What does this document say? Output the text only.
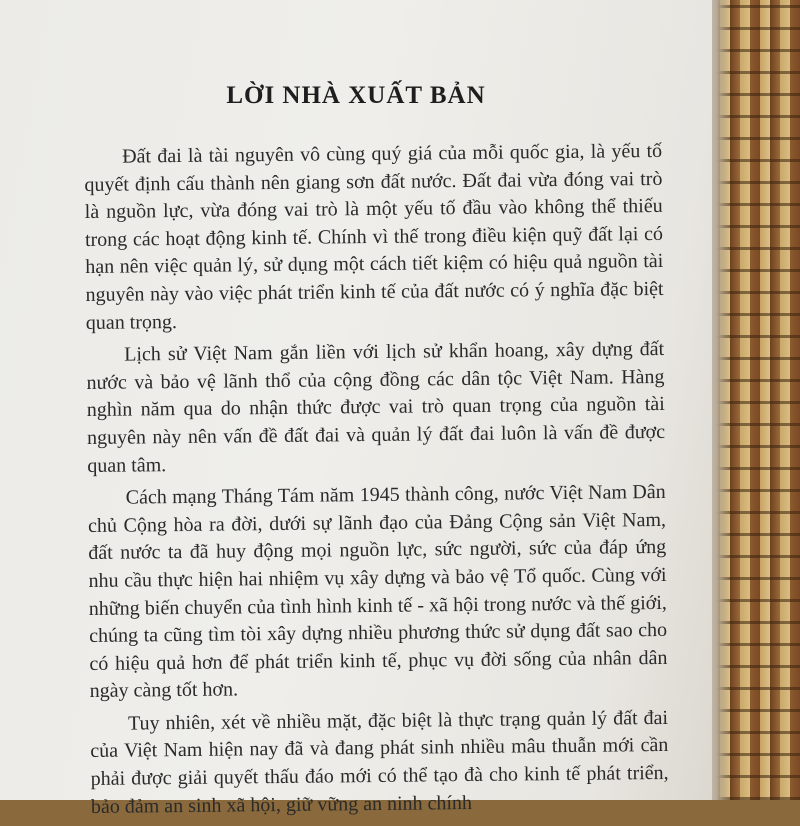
LỜI NHÀ XUẤT BẢN

Đất đai là tài nguyên vô cùng quý giá của mỗi quốc gia, là yếu tố quyết định cấu thành nên giang sơn đất nước. Đất đai vừa đóng vai trò là nguồn lực, vừa đóng vai trò là một yếu tố đầu vào không thể thiếu trong các hoạt động kinh tế. Chính vì thế trong điều kiện quỹ đất lại có hạn nên việc quản lý, sử dụng một cách tiết kiệm có hiệu quả nguồn tài nguyên này vào việc phát triển kinh tế của đất nước có ý nghĩa đặc biệt quan trọng.

Lịch sử Việt Nam gắn liền với lịch sử khẩn hoang, xây dựng đất nước và bảo vệ lãnh thổ của cộng đồng các dân tộc Việt Nam. Hàng nghìn năm qua do nhận thức được vai trò quan trọng của nguồn tài nguyên này nên vấn đề đất đai và quản lý đất đai luôn là vấn đề được quan tâm.

Cách mạng Tháng Tám năm 1945 thành công, nước Việt Nam Dân chủ Cộng hòa ra đời, dưới sự lãnh đạo của Đảng Cộng sản Việt Nam, đất nước ta đã huy động mọi nguồn lực, sức người, sức của đáp ứng nhu cầu thực hiện hai nhiệm vụ xây dựng và bảo vệ Tổ quốc. Cùng với những biến chuyển của tình hình kinh tế - xã hội trong nước và thế giới, chúng ta cũng tìm tòi xây dựng nhiều phương thức sử dụng đất sao cho có hiệu quả hơn để phát triển kinh tế, phục vụ đời sống của nhân dân ngày càng tốt hơn.

Tuy nhiên, xét về nhiều mặt, đặc biệt là thực trạng quản lý đất đai của Việt Nam hiện nay đã và đang phát sinh nhiều mâu thuẫn mới cần phải được giải quyết thấu đáo mới có thể tạo đà cho kinh tế phát triển, bảo đảm an sinh xã hội, giữ vững an ninh chính
